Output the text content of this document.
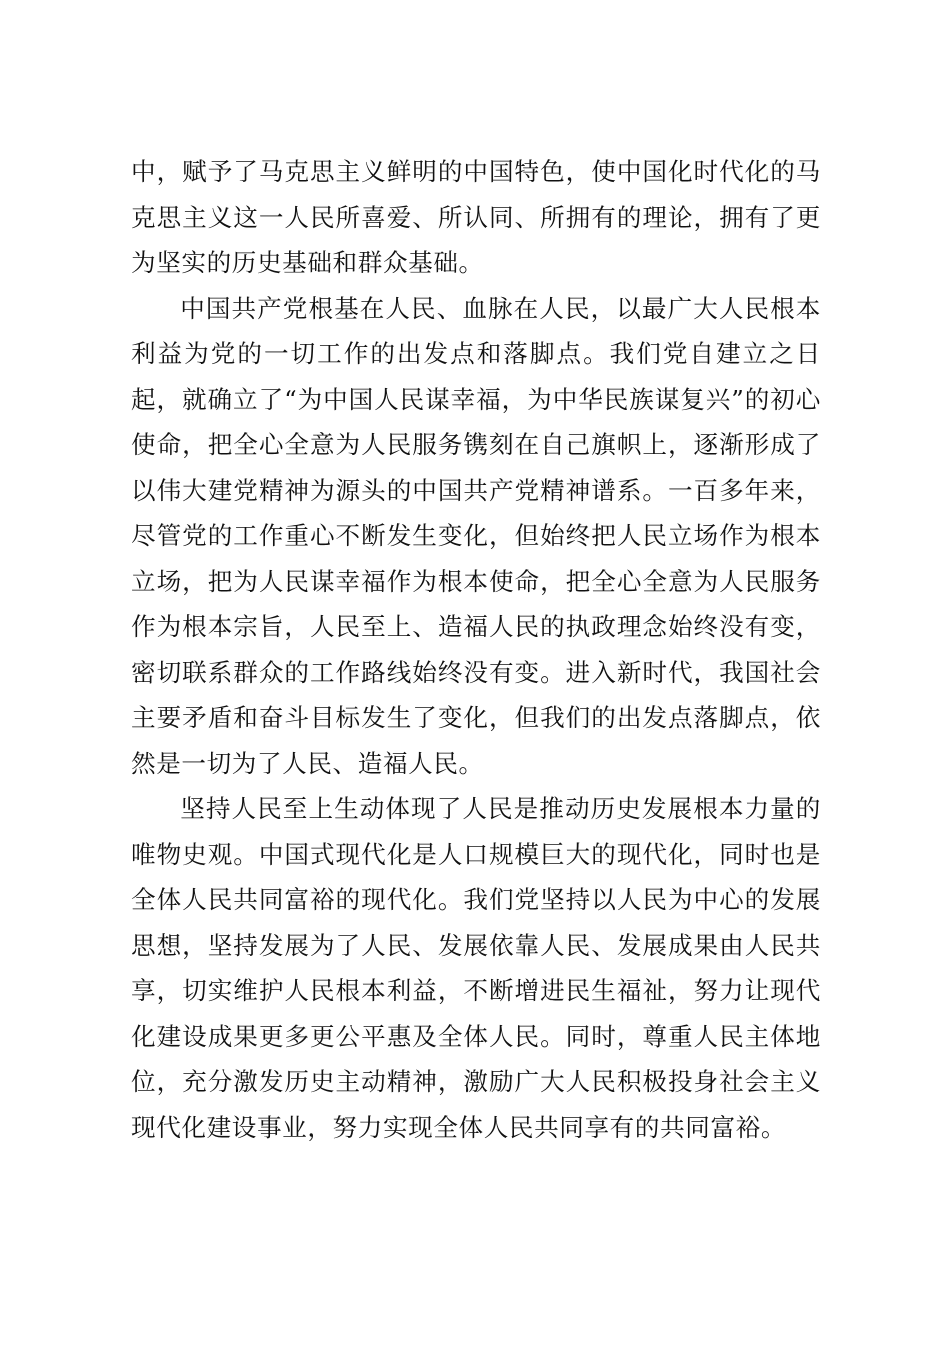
中，赋予了马克思主义鲜明的中国特色，使中国化时代化的马克思主义这一人民所喜爱、所认同、所拥有的理论，拥有了更为坚实的历史基础和群众基础。

中国共产党根基在人民、血脉在人民，以最广大人民根本利益为党的一切工作的出发点和落脚点。我们党自建立之日起，就确立了“为中国人民谋幸福，为中华民族谋复兴”的初心使命，把全心全意为人民服务镌刻在自己旗帜上，逐渐形成了以伟大建党精神为源头的中国共产党精神谱系。一百多年来，尽管党的工作重心不断发生变化，但始终把人民立场作为根本立场，把为人民谋幸福作为根本使命，把全心全意为人民服务作为根本宗旨，人民至上、造福人民的执政理念始终没有变，密切联系群众的工作路线始终没有变。进入新时代，我国社会主要矛盾和奋斗目标发生了变化，但我们的出发点落脚点，依然是一切为了人民、造福人民。

坚持人民至上生动体现了人民是推动历史发展根本力量的唯物史观。中国式现代化是人口规模巨大的现代化，同时也是全体人民共同富裕的现代化。我们党坚持以人民为中心的发展思想，坚持发展为了人民、发展依靠人民、发展成果由人民共享，切实维护人民根本利益，不断增进民生福祉，努力让现代化建设成果更多更公平惠及全体人民。同时，尊重人民主体地位，充分激发历史主动精神，激励广大人民积极投身社会主义现代化建设事业，努力实现全体人民共同享有的共同富裕。
